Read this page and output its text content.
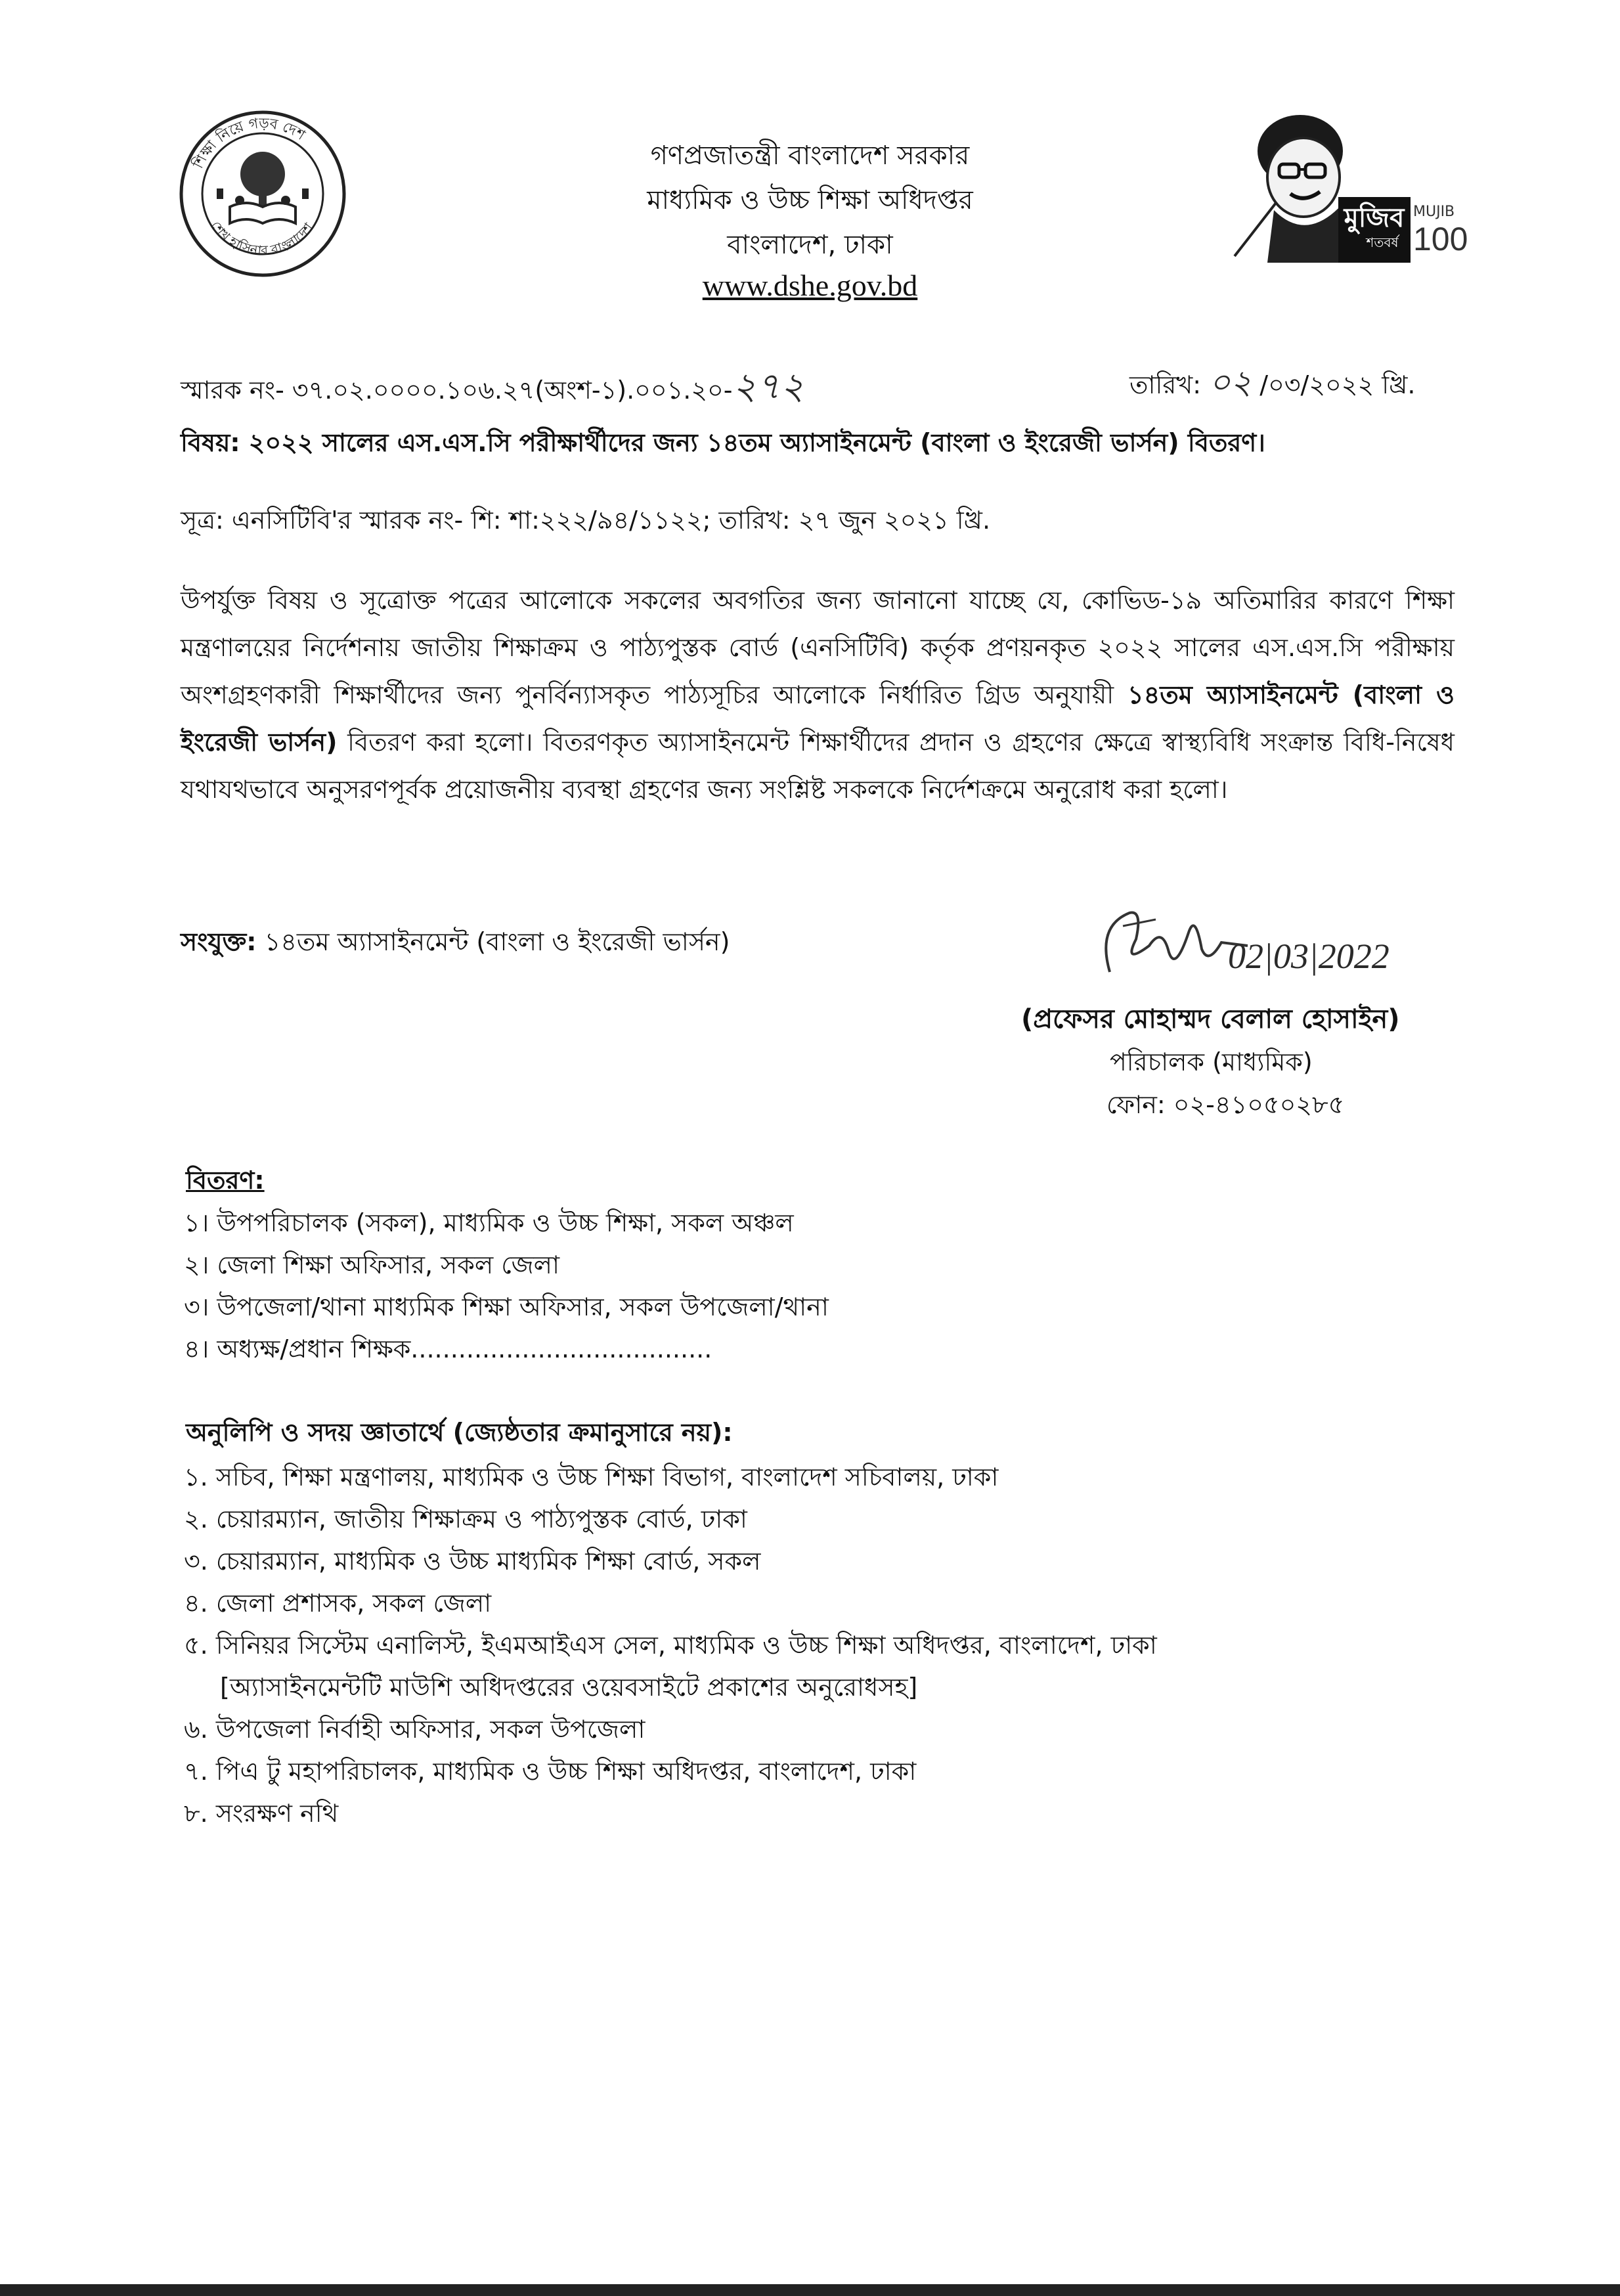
শিক্ষা নিয়ে গড়ব দেশ
শেখ হাসিনার বাংলাদেশ
গণপ্রজাতন্ত্রী বাংলাদেশ সরকার
মাধ্যমিক ও উচ্চ শিক্ষা অধিদপ্তর
বাংলাদেশ, ঢাকা
www.dshe.gov.bd
মুজিব
শতবর্ষ
MUJIB
100
স্মারক নং- ৩৭.০২.০০০০.১০৬.২৭(অংশ-১).০০১.২০-২৭২	তারিখ: ০২ /০৩/২০২২ খ্রি.
বিষয়: ২০২২ সালের এস.এস.সি পরীক্ষার্থীদের জন্য ১৪তম অ্যাসাইনমেন্ট (বাংলা ও ইংরেজী ভার্সন) বিতরণ।
সূত্র: এনসিটিবি'র স্মারক নং- শি: শা:২২২/৯৪/১১২২; তারিখ: ২৭ জুন ২০২১ খ্রি.
উপর্যুক্ত বিষয় ও সূত্রোক্ত পত্রের আলোকে সকলের অবগতির জন্য জানানো যাচ্ছে যে, কোভিড-১৯ অতিমারির কারণে শিক্ষা মন্ত্রণালয়ের নির্দেশনায় জাতীয় শিক্ষাক্রম ও পাঠ্যপুস্তক বোর্ড (এনসিটিবি) কর্তৃক প্রণয়নকৃত ২০২২ সালের এস.এস.সি পরীক্ষায় অংশগ্রহণকারী শিক্ষার্থীদের জন্য পুনর্বিন্যাসকৃত পাঠ্যসূচির আলোকে নির্ধারিত গ্রিড অনুযায়ী ১৪তম অ্যাসাইনমেন্ট (বাংলা ও ইংরেজী ভার্সন) বিতরণ করা হলো। বিতরণকৃত অ্যাসাইনমেন্ট শিক্ষার্থীদের প্রদান ও গ্রহণের ক্ষেত্রে স্বাস্থ্যবিধি সংক্রান্ত বিধি-নিষেধ যথাযথভাবে অনুসরণপূর্বক প্রয়োজনীয় ব্যবস্থা গ্রহণের জন্য সংশ্লিষ্ট সকলকে নির্দেশক্রমে অনুরোধ করা হলো।
সংযুক্ত: ১৪তম অ্যাসাইনমেন্ট (বাংলা ও ইংরেজী ভার্সন)	02|03|2022
(প্রফেসর মোহাম্মদ বেলাল হোসাইন)
পরিচালক (মাধ্যমিক)
ফোন: ০২-৪১০৫০২৮৫
বিতরণ:
১। উপপরিচালক (সকল), মাধ্যমিক ও উচ্চ শিক্ষা, সকল অঞ্চল
২। জেলা শিক্ষা অফিসার, সকল জেলা
৩। উপজেলা/থানা মাধ্যমিক শিক্ষা অফিসার, সকল উপজেলা/থানা
৪। অধ্যক্ষ/প্রধান শিক্ষক......................................
অনুলিপি ও সদয় জ্ঞাতার্থে (জ্যেষ্ঠতার ক্রমানুসারে নয়):
১. সচিব, শিক্ষা মন্ত্রণালয়, মাধ্যমিক ও উচ্চ শিক্ষা বিভাগ, বাংলাদেশ সচিবালয়, ঢাকা
২. চেয়ারম্যান, জাতীয় শিক্ষাক্রম ও পাঠ্যপুস্তক বোর্ড, ঢাকা
৩. চেয়ারম্যান, মাধ্যমিক ও উচ্চ মাধ্যমিক শিক্ষা বোর্ড, সকল
৪. জেলা প্রশাসক, সকল জেলা
৫. সিনিয়র সিস্টেম এনালিস্ট, ইএমআইএস সেল, মাধ্যমিক ও উচ্চ শিক্ষা অধিদপ্তর, বাংলাদেশ, ঢাকা
[অ্যাসাইনমেন্টটি মাউশি অধিদপ্তরের ওয়েবসাইটে প্রকাশের অনুরোধসহ]
৬. উপজেলা নির্বাহী অফিসার, সকল উপজেলা
৭. পিএ টু মহাপরিচালক, মাধ্যমিক ও উচ্চ শিক্ষা অধিদপ্তর, বাংলাদেশ, ঢাকা
৮. সংরক্ষণ নথি
